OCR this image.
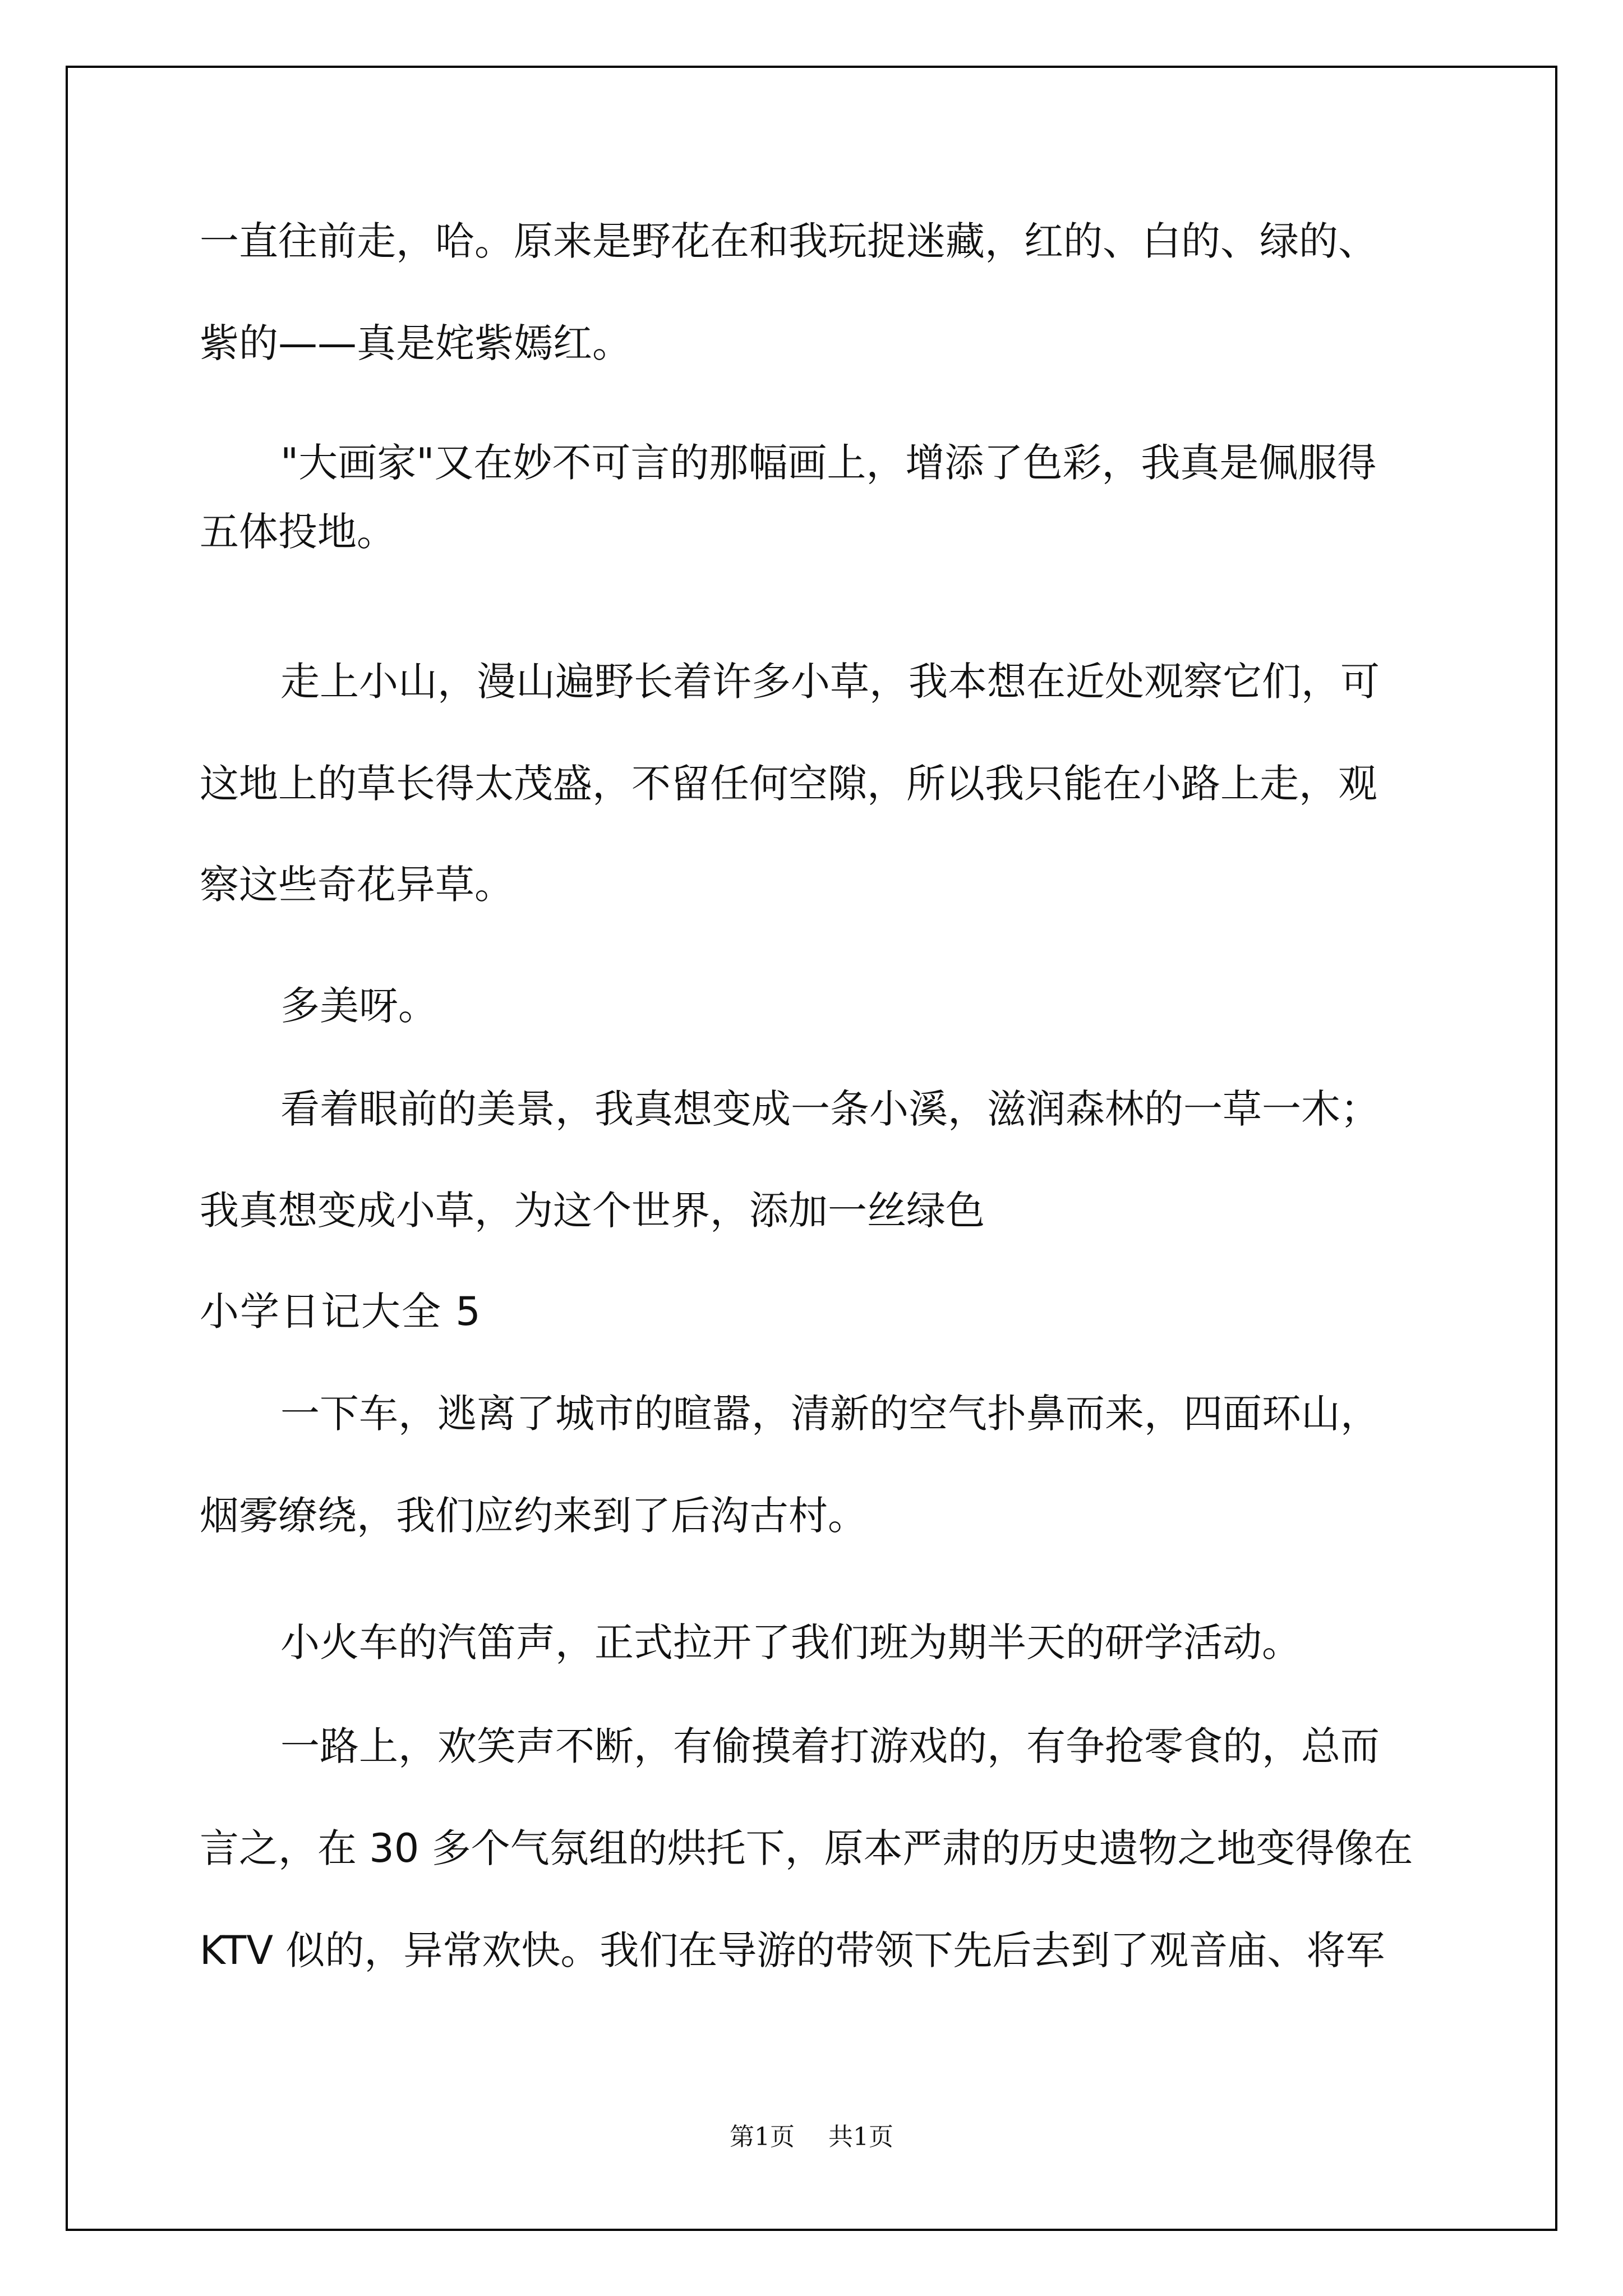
一直往前走，哈。原来是野花在和我玩捉迷藏，红的、白的、绿的、

紫的——真是姹紫嫣红。

"大画家"又在妙不可言的那幅画上，增添了色彩，我真是佩服得

五体投地。

走上小山，漫山遍野长着许多小草，我本想在近处观察它们，可

这地上的草长得太茂盛，不留任何空隙，所以我只能在小路上走，观

察这些奇花异草。

多美呀。

看着眼前的美景，我真想变成一条小溪，滋润森林的一草一木；

我真想变成小草，为这个世界，添加一丝绿色

小学日记大全 5

一下车，逃离了城市的暄嚣，清新的空气扑鼻而来，四面环山，

烟雾缭绕，我们应约来到了后沟古村。

小火车的汽笛声，正式拉开了我们班为期半天的研学活动。

一路上，欢笑声不断，有偷摸着打游戏的，有争抢零食的，总而

言之，在 30 多个气氛组的烘托下，原本严肃的历史遗物之地变得像在

KTV 似的，异常欢快。我们在导游的带领下先后去到了观音庙、将军

第1页 共1页
